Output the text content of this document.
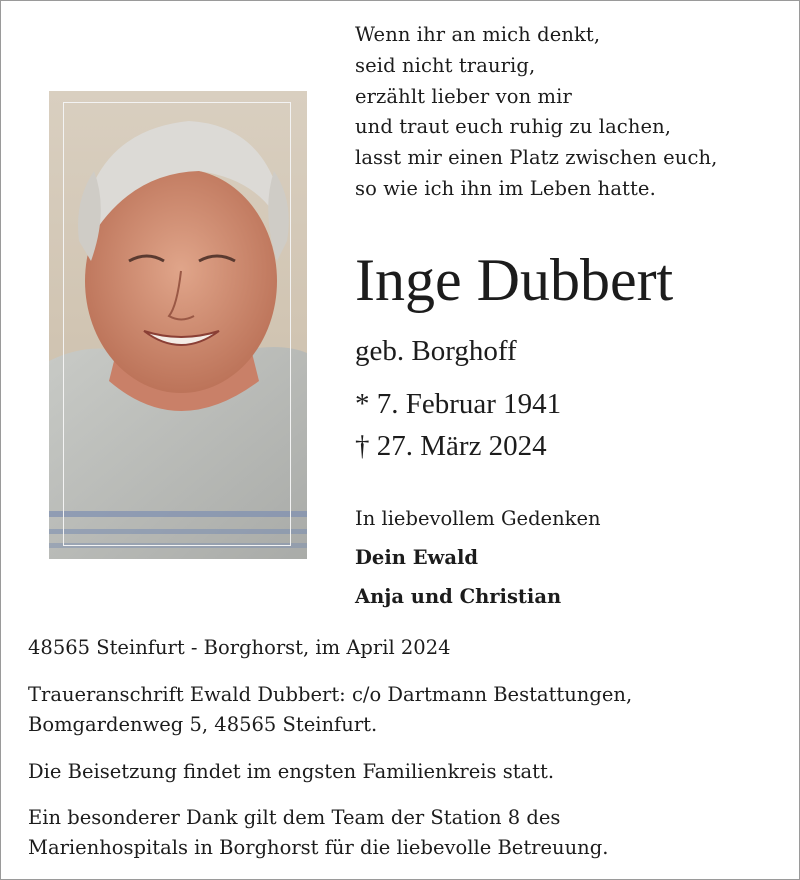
Wenn ihr an mich denkt,
seid nicht traurig,
erzählt lieber von mir
und traut euch ruhig zu lachen,
lasst mir einen Platz zwischen euch,
so wie ich ihn im Leben hatte.
Inge Dubbert
geb. Borghoff
* 7. Februar 1941
† 27. März 2024
In liebevollem Gedenken
Dein Ewald
Anja und Christian
48565 Steinfurt - Borghorst, im April 2024
Traueranschrift Ewald Dubbert: c/o Dartmann Bestattungen,
Bomgardenweg 5, 48565 Steinfurt.
Die Beisetzung findet im engsten Familienkreis statt.
Ein besonderer Dank gilt dem Team der Station 8 des
Marienhospitals in Borghorst für die liebevolle Betreuung.
